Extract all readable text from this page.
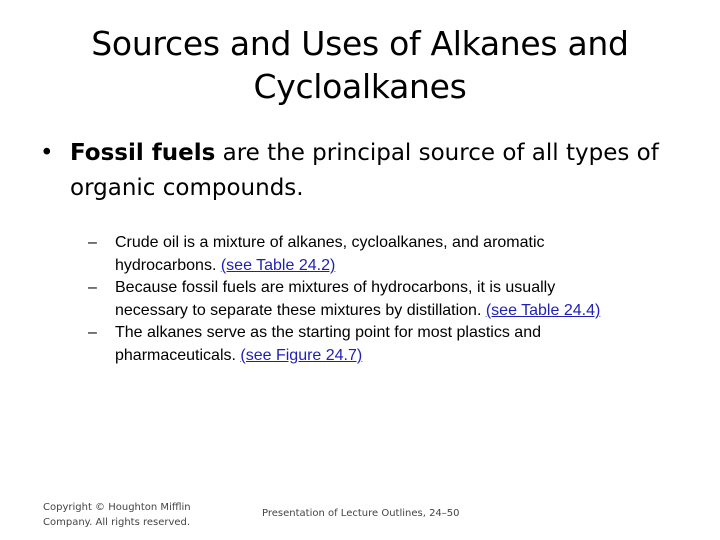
Sources and Uses of Alkanes and Cycloalkanes
• Fossil fuels are the principal source of all types of organic compounds.
– Crude oil is a mixture of alkanes, cycloalkanes, and aromatic hydrocarbons. (see Table 24.2)
– Because fossil fuels are mixtures of hydrocarbons, it is usually necessary to separate these mixtures by distillation. (see Table 24.4)
– The alkanes serve as the starting point for most plastics and pharmaceuticals. (see Figure 24.7)
Copyright © Houghton Mifflin Company. All rights reserved.
Presentation of Lecture Outlines, 24–50
